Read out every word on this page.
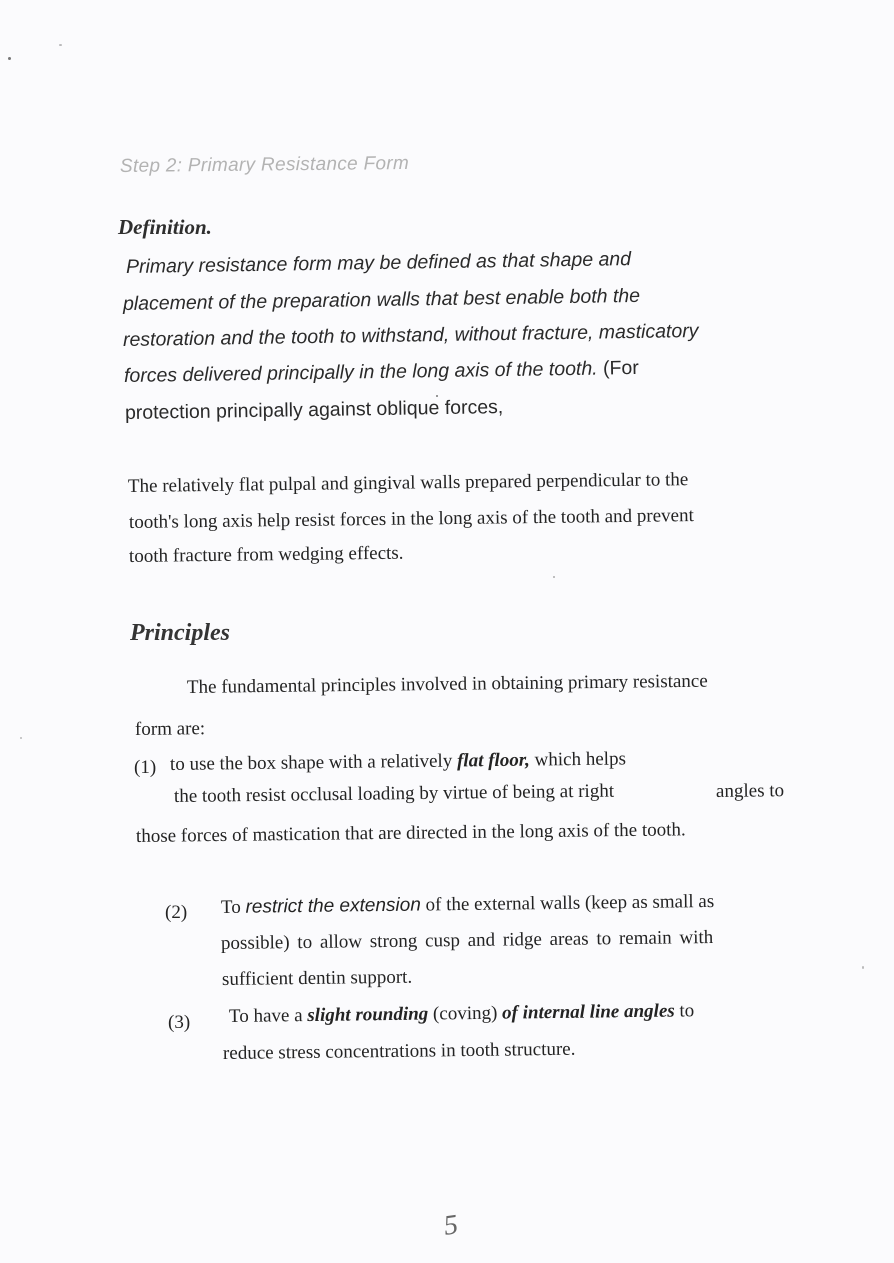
Step 2: Primary Resistance Form
Definition.
Primary resistance form may be defined as that shape and
placement of the preparation walls that best enable both the
restoration and the tooth to withstand, without fracture, masticatory
forces delivered principally in the long axis of the tooth. (For
protection principally against oblique forces,
The relatively flat pulpal and gingival walls prepared perpendicular to the
tooth's long axis help resist forces in the long axis of the tooth and prevent
tooth fracture from wedging effects.
Principles
The fundamental principles involved in obtaining primary resistance
form are:
(1) to use the box shape with a relatively flat floor, which helps
the tooth resist occlusal loading by virtue of being at right	angles to
those forces of mastication that are directed in the long axis of the tooth.
(2) To restrict the extension of the external walls (keep as small as
possible) to allow strong cusp and ridge areas to remain with
sufficient dentin support.
(3) To have a slight rounding (coving) of internal line angles to
reduce stress concentrations in tooth structure.
5
